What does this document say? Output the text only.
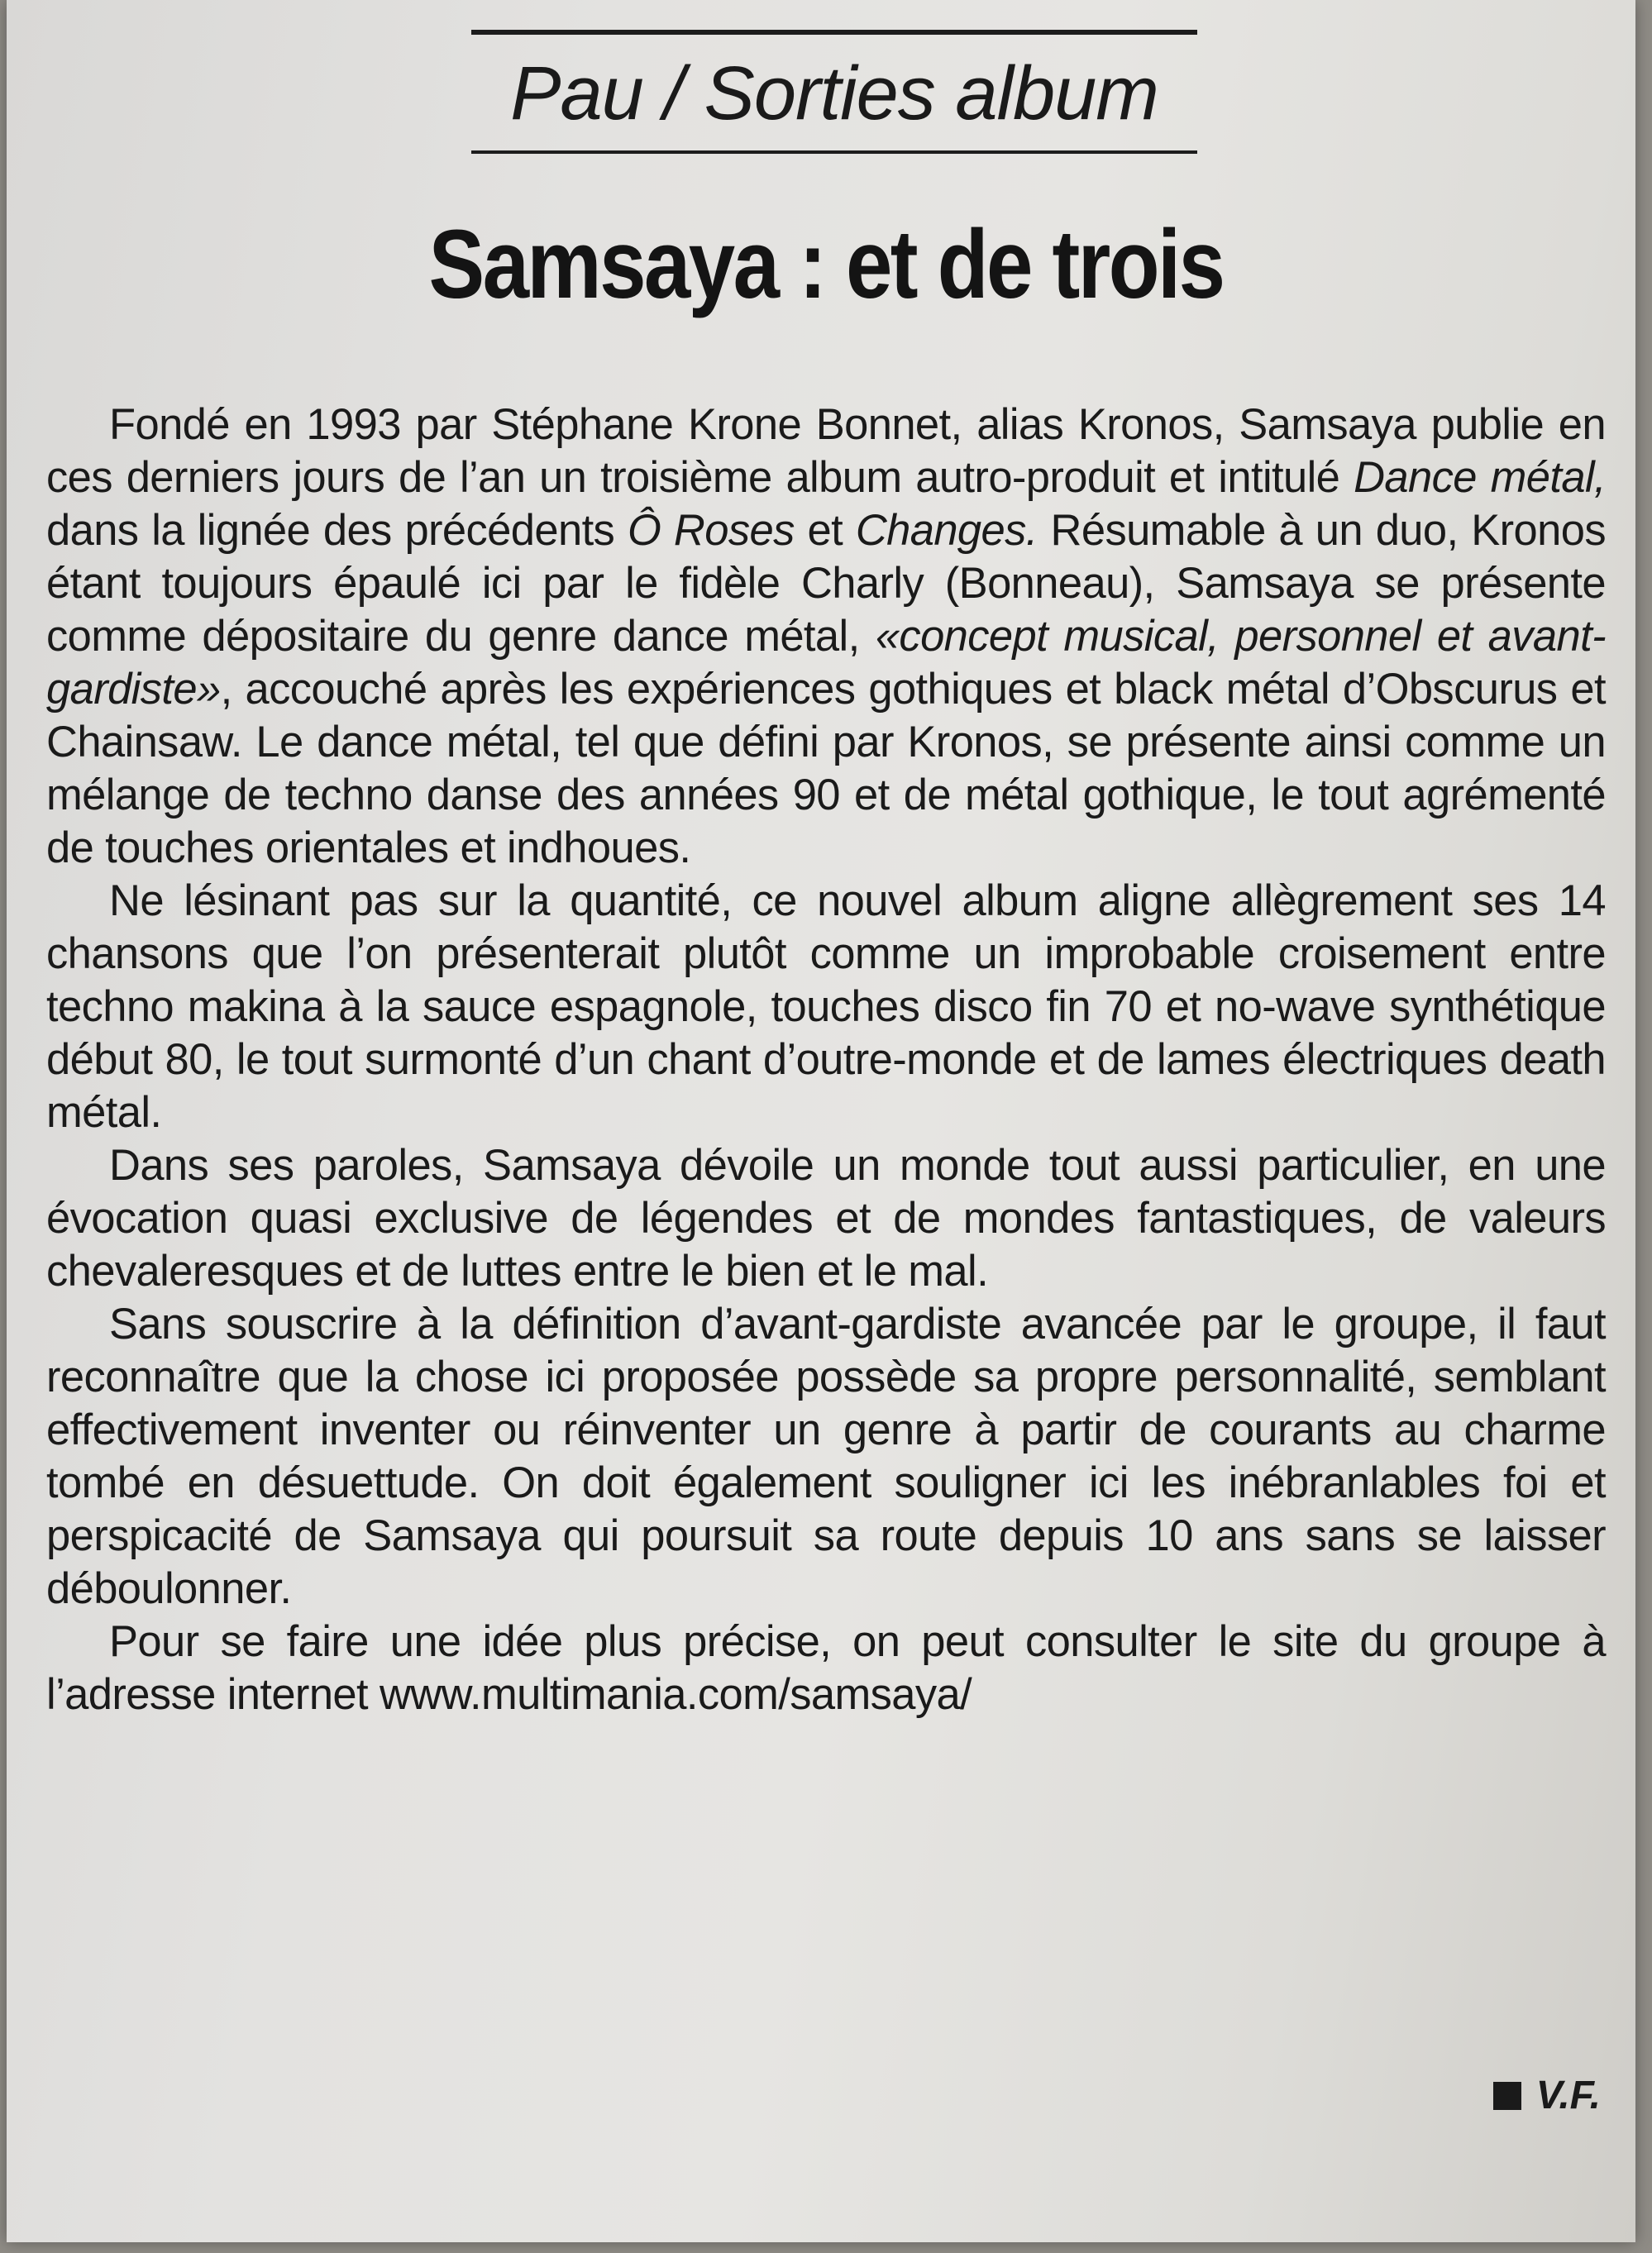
Pau / Sorties album
Samsaya : et de trois

Fondé en 1993 par Stéphane Krone Bonnet, alias Kronos, Samsaya publie en ces derniers jours de l’an un troisième album autro-produit et intitulé Dance métal, dans la lignée des précédents Ô Roses et Changes. Résumable à un duo, Kronos étant toujours épaulé ici par le fidèle Charly (Bonneau), Samsaya se présente comme dépositaire du genre dance métal, «concept musical, personnel et avant-gardiste», accouché après les expériences gothiques et black métal d’Obscurus et Chainsaw. Le dance métal, tel que défini par Kronos, se présente ainsi comme un mélange de techno danse des années 90 et de métal gothique, le tout agrémenté de touches orientales et indhoues.

Ne lésinant pas sur la quantité, ce nouvel album aligne allègrement ses 14 chansons que l’on présenterait plutôt comme un improbable croisement entre techno makina à la sauce espagnole, touches disco fin 70 et no-wave synthétique début 80, le tout surmonté d’un chant d’outre-monde et de lames électriques death métal.

Dans ses paroles, Samsaya dévoile un monde tout aussi particulier, en une évocation quasi exclusive de légendes et de mondes fantastiques, de valeurs chevaleresques et de luttes entre le bien et le mal.

Sans souscrire à la définition d’avant-gardiste avancée par le groupe, il faut reconnaître que la chose ici proposée possède sa propre personnalité, semblant effectivement inventer ou réinventer un genre à partir de courants au charme tombé en désuettude. On doit également souligner ici les inébranlables foi et perspicacité de Samsaya qui poursuit sa route depuis 10 ans sans se laisser déboulonner.

Pour se faire une idée plus précise, on peut consulter le site du groupe à l’adresse internet www.multimania.com/samsaya/

V.F.
